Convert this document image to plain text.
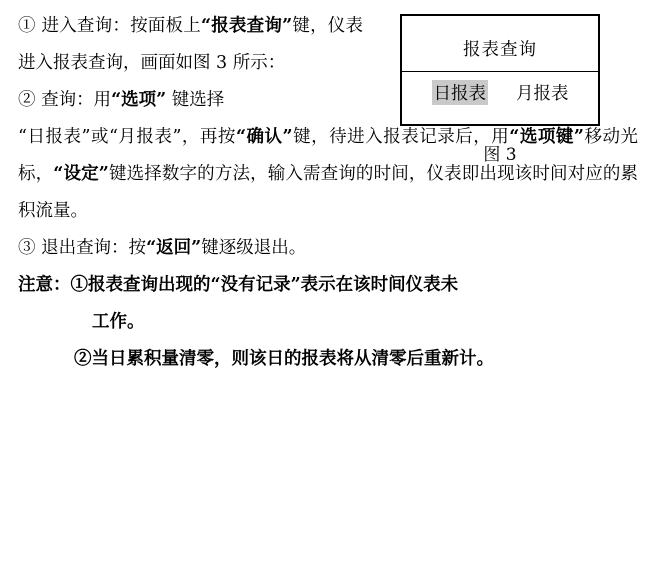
报表查询
日报表 月报表
图 3

① 进入查询：按面板上“报表查询”键，仪表进入报表查询，画面如图 3 所示：

② 查询：用“选项” 键选择

“日报表”或“月报表”，再按“确认”键，待进入报表记录后，用“选项键”移动光标，“设定”键选择数字的方法，输入需查询的时间，仪表即出现该时间对应的累积流量。

③ 退出查询：按“返回”键逐级退出。

注意：①报表查询出现的“没有记录”表示在该时间仪表未

工作。

②当日累积量清零，则该日的报表将从清零后重新计。
